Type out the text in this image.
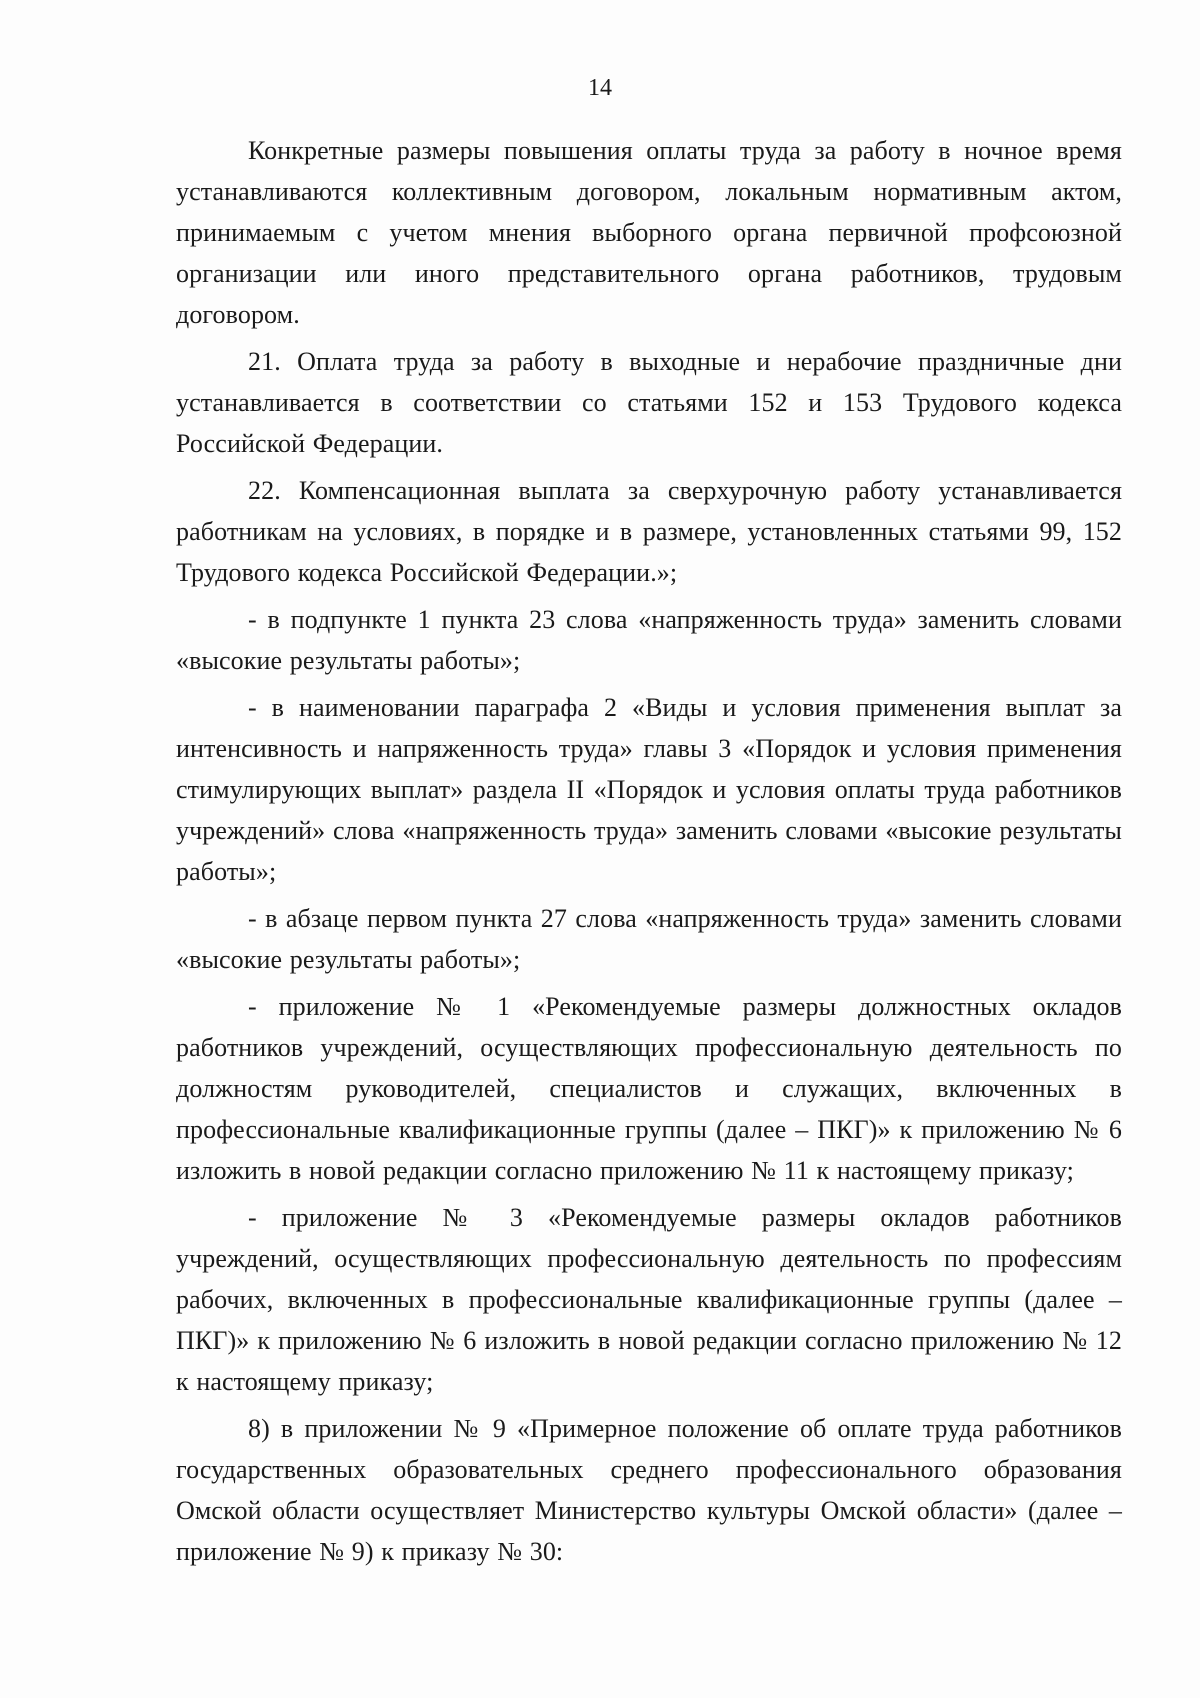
14

Конкретные размеры повышения оплаты труда за работу в ночное время устанавливаются коллективным договором, локальным нормативным актом, принимаемым с учетом мнения выборного органа первичной профсоюзной организации или иного представительного органа работников, трудовым договором.

21. Оплата труда за работу в выходные и нерабочие праздничные дни устанавливается в соответствии со статьями 152 и 153 Трудового кодекса Российской Федерации.

22. Компенсационная выплата за сверхурочную работу устанавливается работникам на условиях, в порядке и в размере, установленных статьями 99, 152 Трудового кодекса Российской Федерации.»;

- в подпункте 1 пункта 23 слова «напряженность труда» заменить словами «высокие результаты работы»;

- в наименовании параграфа 2 «Виды и условия применения выплат за интенсивность и напряженность труда» главы 3 «Порядок и условия применения стимулирующих выплат» раздела II «Порядок и условия оплаты труда работников учреждений» слова «напряженность труда» заменить словами «высокие результаты работы»;

- в абзаце первом пункта 27 слова «напряженность труда» заменить словами «высокие результаты работы»;

- приложение № 1 «Рекомендуемые размеры должностных окладов работников учреждений, осуществляющих профессиональную деятельность по должностям руководителей, специалистов и служащих, включенных в профессиональные квалификационные группы (далее – ПКГ)» к приложению № 6 изложить в новой редакции согласно приложению № 11 к настоящему приказу;

- приложение № 3 «Рекомендуемые размеры окладов работников учреждений, осуществляющих профессиональную деятельность по профессиям рабочих, включенных в профессиональные квалификационные группы (далее – ПКГ)» к приложению № 6 изложить в новой редакции согласно приложению № 12 к настоящему приказу;

8) в приложении № 9 «Примерное положение об оплате труда работников государственных образовательных среднего профессионального образования Омской области осуществляет Министерство культуры Омской области» (далее – приложение № 9) к приказу № 30:
